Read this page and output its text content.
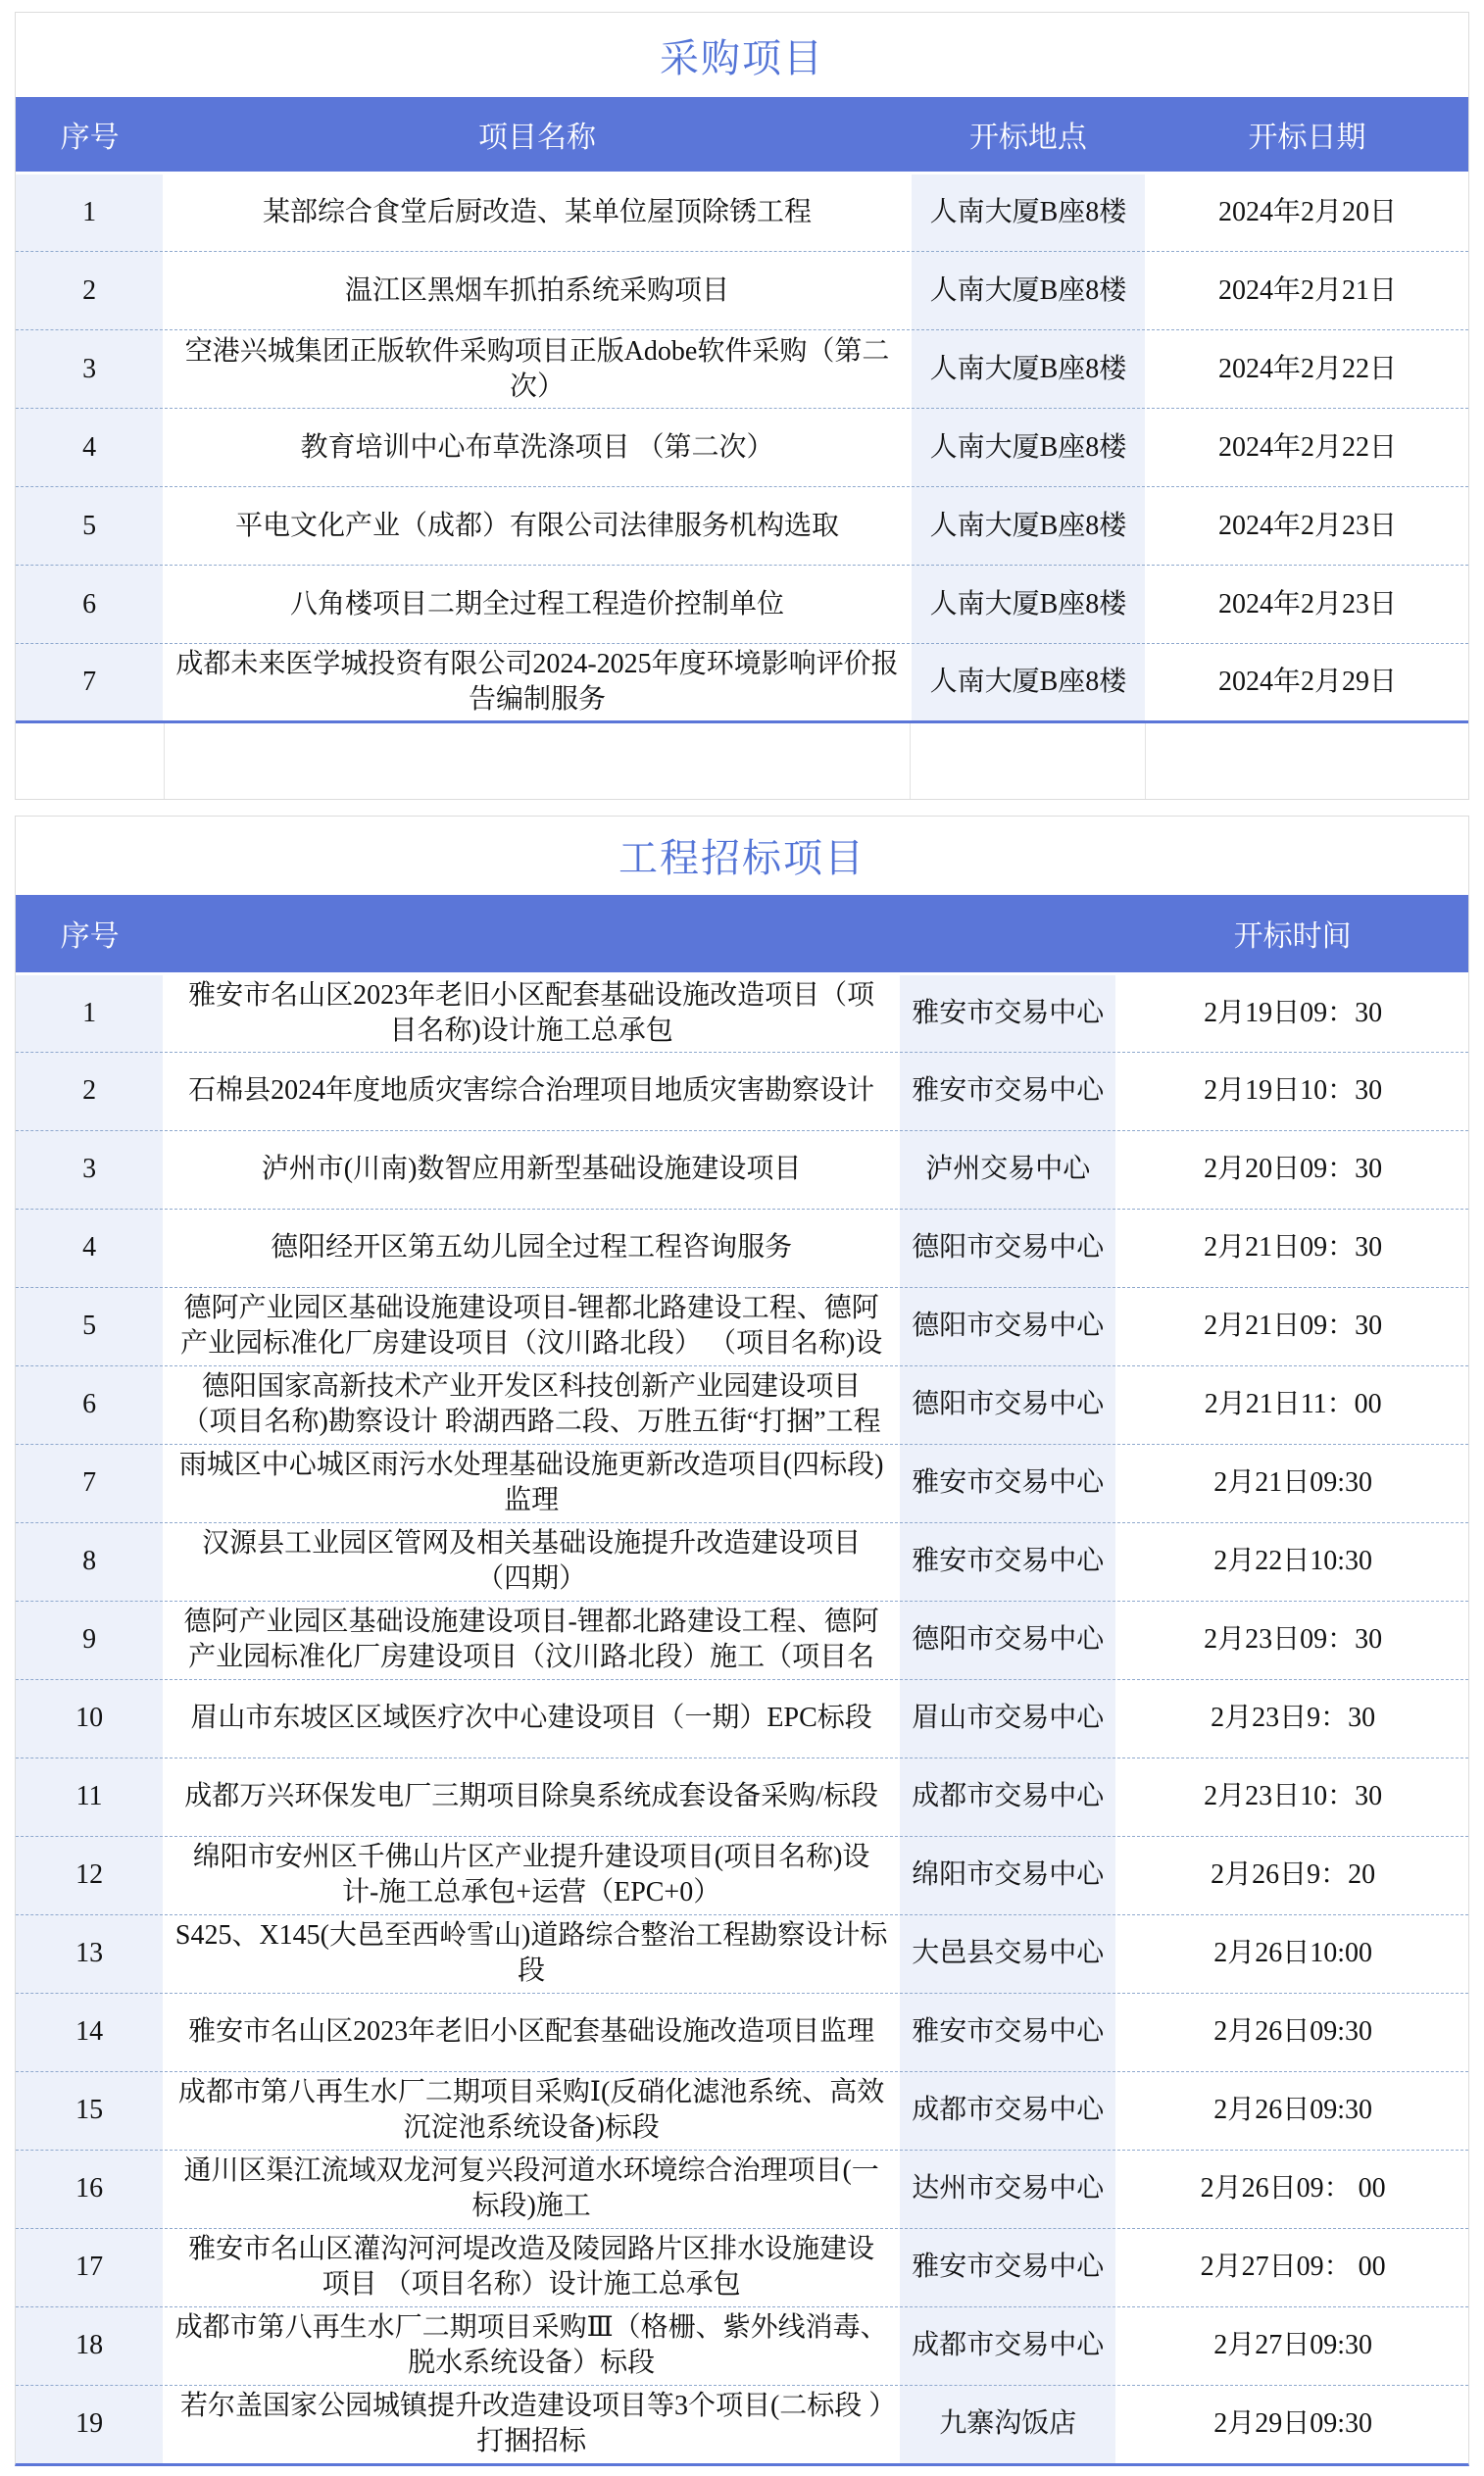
采购项目
序号	项目名称	开标地点	开标日期
1	某部综合食堂后厨改造、某单位屋顶除锈工程	人南大厦B座8楼	2024年2月20日
2	温江区黑烟车抓拍系统采购项目	人南大厦B座8楼	2024年2月21日
3	空港兴城集团正版软件采购项目正版Adobe软件采购（第二次）	人南大厦B座8楼	2024年2月22日
4	教育培训中心布草洗涤项目 （第二次）	人南大厦B座8楼	2024年2月22日
5	平电文化产业（成都）有限公司法律服务机构选取	人南大厦B座8楼	2024年2月23日
6	八角楼项目二期全过程工程造价控制单位	人南大厦B座8楼	2024年2月23日
7	成都未来医学城投资有限公司2024-2025年度环境影响评价报告编制服务	人南大厦B座8楼	2024年2月29日

工程招标项目
序号			开标时间
1	雅安市名山区2023年老旧小区配套基础设施改造项目（项目名称)设计施工总承包	雅安市交易中心	2月19日09：30
2	石棉县2024年度地质灾害综合治理项目地质灾害勘察设计	雅安市交易中心	2月19日10：30
3	泸州市(川南)数智应用新型基础设施建设项目	泸州交易中心	2月20日09：30
4	德阳经开区第五幼儿园全过程工程咨询服务	德阳市交易中心	2月21日09：30
5	德阿产业园区基础设施建设项目-锂都北路建设工程、德阿产业园标准化厂房建设项目（汶川路北段） （项目名称)设	德阳市交易中心	2月21日09：30
6	德阳国家高新技术产业开发区科技创新产业园建设项目（项目名称)勘察设计 聆湖西路二段、万胜五街“打捆”工程	德阳市交易中心	2月21日11：00
7	雨城区中心城区雨污水处理基础设施更新改造项目(四标段)监理	雅安市交易中心	2月21日09:30
8	汉源县工业园区管网及相关基础设施提升改造建设项目（四期）	雅安市交易中心	2月22日10:30
9	德阿产业园区基础设施建设项目-锂都北路建设工程、德阿产业园标准化厂房建设项目（汶川路北段）施工（项目名	德阳市交易中心	2月23日09：30
10	眉山市东坡区区域医疗次中心建设项目（一期）EPC标段	眉山市交易中心	2月23日9：30
11	成都万兴环保发电厂三期项目除臭系统成套设备采购/标段	成都市交易中心	2月23日10：30
12	绵阳市安州区千佛山片区产业提升建设项目(项目名称)设计-施工总承包+运营（EPC+0）	绵阳市交易中心	2月26日9：20
13	S425、X145(大邑至西岭雪山)道路综合整治工程勘察设计标段	大邑县交易中心	2月26日10:00
14	雅安市名山区2023年老旧小区配套基础设施改造项目监理	雅安市交易中心	2月26日09:30
15	成都市第八再生水厂二期项目采购Ⅰ(反硝化滤池系统、高效沉淀池系统设备)标段	成都市交易中心	2月26日09:30
16	通川区渠江流域双龙河复兴段河道水环境综合治理项目(一标段)施工	达州市交易中心	2月26日09： 00
17	雅安市名山区灌沟河河堤改造及陵园路片区排水设施建设项目 （项目名称）设计施工总承包	雅安市交易中心	2月27日09： 00
18	成都市第八再生水厂二期项目采购Ⅲ（格栅、紫外线消毒、脱水系统设备）标段	成都市交易中心	2月27日09:30
19	若尔盖国家公园城镇提升改造建设项目等3个项目(二标段 ）打捆招标	九寨沟饭店	2月29日09:30
